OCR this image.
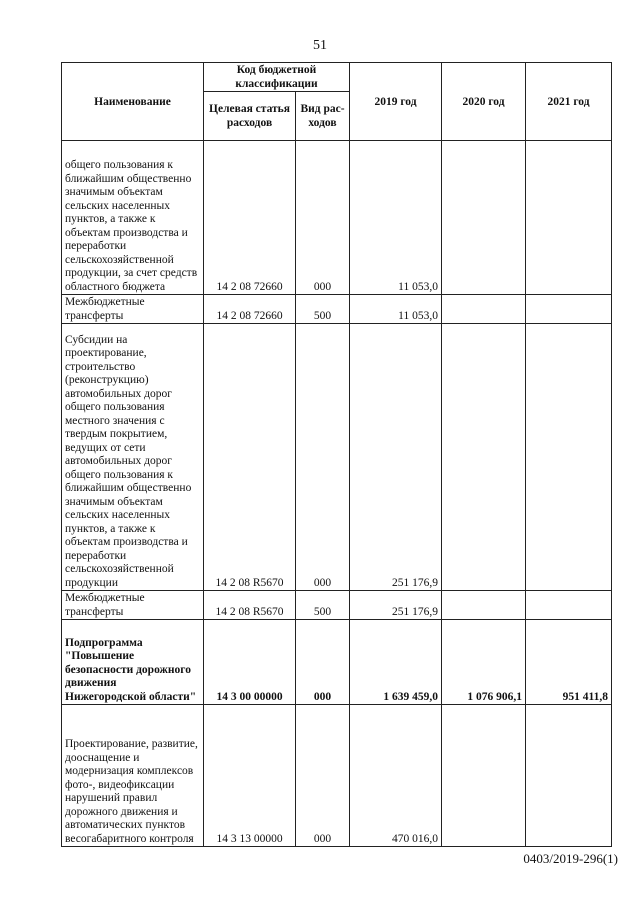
51
Наименование	Код бюджетной классификации		2019 год	2020 год	2021 год
	Целевая статья расходов	Вид рас-ходов			
общего пользования к ближайшим общественно значимым объектам сельских населенных пунктов, а также к объектам производства и переработки сельскохозяйственной продукции, за счет средств областного бюджета	14 2 08 72660	000	11 053,0		
Межбюджетные трансферты	14 2 08 72660	500	11 053,0		
Субсидии на проектирование, строительство (реконструкцию) автомобильных дорог общего пользования местного значения с твердым покрытием, ведущих от сети автомобильных дорог общего пользования к ближайшим общественно значимым объектам сельских населенных пунктов, а также к объектам производства и переработки сельскохозяйственной продукции	14 2 08 R5670	000	251 176,9		
Межбюджетные трансферты	14 2 08 R5670	500	251 176,9		
Подпрограмма "Повышение безопасности дорожного движения Нижегородской области"	14 3 00 00000	000	1 639 459,0	1 076 906,1	951 411,8
Проектирование, развитие, дооснащение и модернизация комплексов фото-, видеофиксации нарушений правил дорожного движения и автоматических пунктов весогабаритного контроля	14 3 13 00000	000	470 016,0		
0403/2019-296(1)
